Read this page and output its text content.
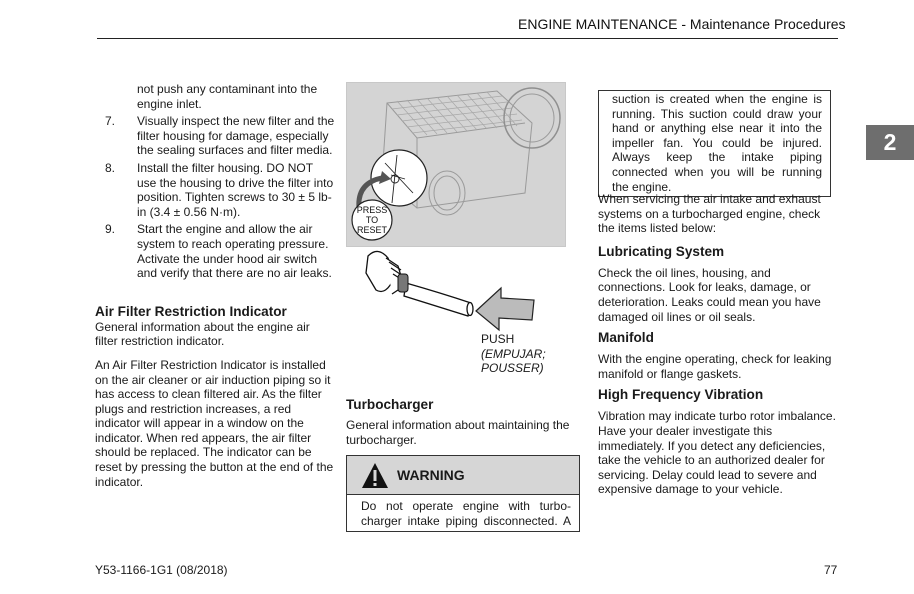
ENGINE MAINTENANCE - Maintenance Procedures
2
not push any contaminant into the engine inlet.
7.	Visually inspect the new filter and the filter housing for damage, especially the sealing surfaces and filter media.
8.	Install the filter housing. DO NOT use the housing to drive the filter into position. Tighten screws to 30 ± 5 lb-in (3.4 ± 0.56 N·m).
9.	Start the engine and allow the air system to reach operating pressure. Activate the under hood air switch and verify that there are no air leaks.
Air Filter Restriction Indicator

General information about the engine air filter restriction indicator.

An Air Filter Restriction Indicator is installed on the air cleaner or air induction piping so it has access to clean filtered air. As the filter plugs and restriction increases, a red indicator will appear in a window on the indicator. When red appears, the air filter should be replaced. The indicator can be reset by pressing the button at the end of the indicator.

PRESS
TO
RESET
PUSH
(EMPUJAR;
POUSSER)
Turbocharger

General information about maintaining the turbocharger.

WARNING
Do not operate engine with turbo-
charger intake piping disconnected. A
suction is created when the engine is running. This suction could draw your hand or anything else near it into the impeller fan. You could be injured. Always keep the intake piping connected when you will be running the engine.

When servicing the air intake and exhaust systems on a turbocharged engine, check the items listed below:

Lubricating System

Check the oil lines, housing, and connections. Look for leaks, damage, or deterioration. Leaks could mean you have damaged oil lines or oil seals.

Manifold

With the engine operating, check for leaking manifold or flange gaskets.

High Frequency Vibration

Vibration may indicate turbo rotor imbalance. Have your dealer investigate this immediately. If you detect any deficiencies, take the vehicle to an authorized dealer for servicing. Delay could lead to severe and expensive damage to your vehicle.

Y53-1166-1G1 (08/2018)	77
